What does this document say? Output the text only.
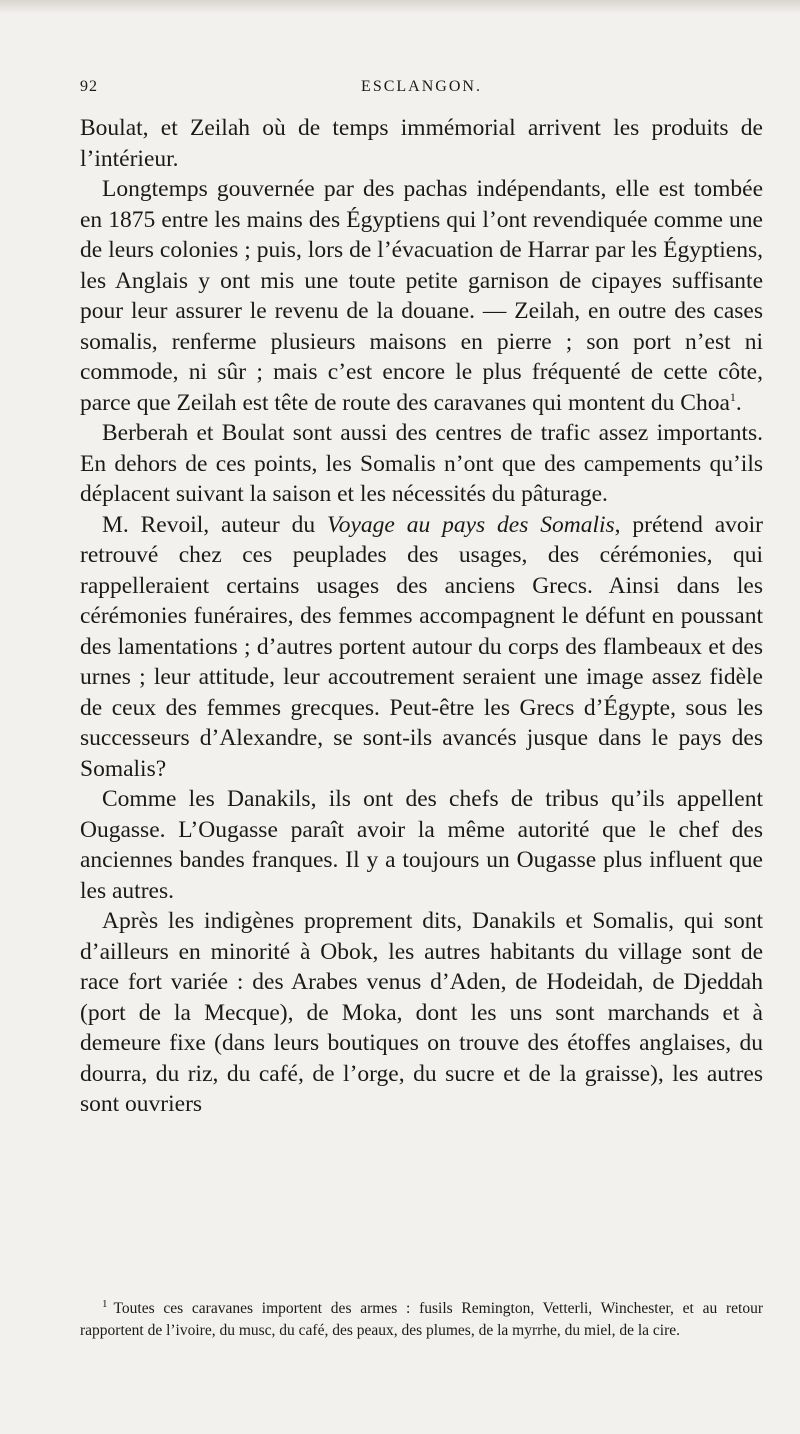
92	ESCLANGON.

Boulat, et Zeilah où de temps immémorial arrivent les produits de l’intérieur.

Longtemps gouvernée par des pachas indépendants, elle est tombée en 1875 entre les mains des Égyptiens qui l’ont revendiquée comme une de leurs colonies ; puis, lors de l’évacuation de Harrar par les Égyptiens, les Anglais y ont mis une toute petite garnison de cipayes suffisante pour leur assurer le revenu de la douane. — Zeilah, en outre des cases somalis, renferme plusieurs maisons en pierre ; son port n’est ni commode, ni sûr ; mais c’est encore le plus fréquenté de cette côte, parce que Zeilah est tête de route des caravanes qui montent du Choa$^1$.

Berberah et Boulat sont aussi des centres de trafic assez importants. En dehors de ces points, les Somalis n’ont que des campements qu’ils déplacent suivant la saison et les nécessités du pâturage.

M. Revoil, auteur du Voyage au pays des Somalis, prétend avoir retrouvé chez ces peuplades des usages, des cérémonies, qui rappelleraient certains usages des anciens Grecs. Ainsi dans les cérémonies funéraires, des femmes accompagnent le défunt en poussant des lamentations ; d’autres portent autour du corps des flambeaux et des urnes ; leur attitude, leur accoutrement seraient une image assez fidèle de ceux des femmes grecques. Peut-être les Grecs d’Égypte, sous les successeurs d’Alexandre, se sont-ils avancés jusque dans le pays des Somalis?

Comme les Danakils, ils ont des chefs de tribus qu’ils appellent Ougasse. L’Ougasse paraît avoir la même autorité que le chef des anciennes bandes franques. Il y a toujours un Ougasse plus influent que les autres.

Après les indigènes proprement dits, Danakils et Somalis, qui sont d’ailleurs en minorité à Obok, les autres habitants du village sont de race fort variée : des Arabes venus d’Aden, de Hodeidah, de Djeddah (port de la Mecque), de Moka, dont les uns sont marchands et à demeure fixe (dans leurs boutiques on trouve des étoffes anglaises, du dourra, du riz, du café, de l’orge, du sucre et de la graisse), les autres sont ouvriers

$^1$ Toutes ces caravanes importent des armes : fusils Remington, Vetterli, Winchester, et au retour rapportent de l’ivoire, du musc, du café, des peaux, des plumes, de la myrrhe, du miel, de la cire.
